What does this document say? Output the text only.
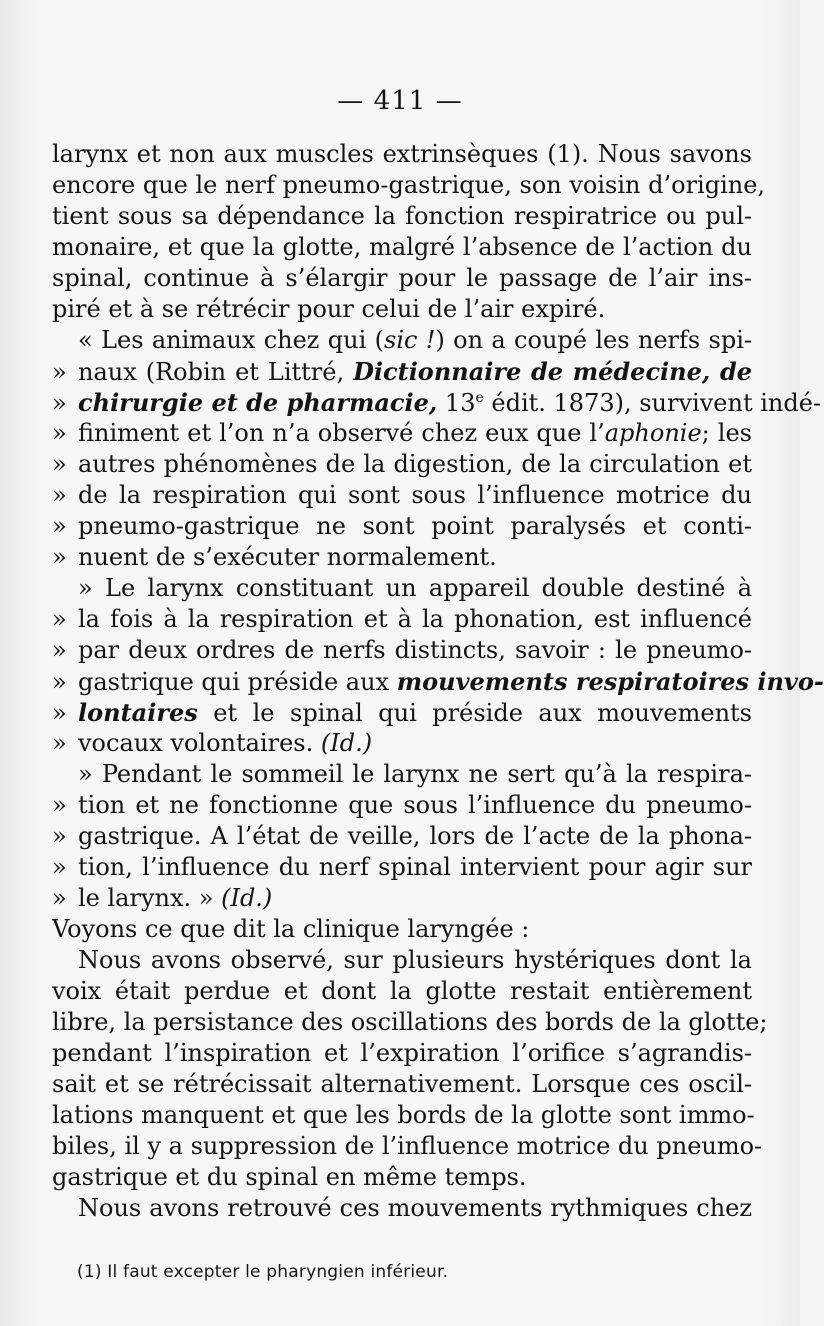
— 411 —
larynx et non aux muscles extrinsèques (1). Nous savons
encore que le nerf pneumo-gastrique, son voisin d’origine,
tient sous sa dépendance la fonction respiratrice ou pul-
monaire, et que la glotte, malgré l’absence de l’action du
spinal, continue à s’élargir pour le passage de l’air ins-
piré et à se rétrécir pour celui de l’air expiré.
« Les animaux chez qui (sic !) on a coupé les nerfs spi-
» naux (Robin et Littré, Dictionnaire de médecine, de
» chirurgie et de pharmacie, 13e édit. 1873), survivent indé-
» finiment et l’on n’a observé chez eux que l’aphonie; les
» autres phénomènes de la digestion, de la circulation et
» de la respiration qui sont sous l’influence motrice du
» pneumo-gastrique ne sont point paralysés et conti-
» nuent de s’exécuter normalement.
» Le larynx constituant un appareil double destiné à
» la fois à la respiration et à la phonation, est influencé
» par deux ordres de nerfs distincts, savoir : le pneumo-
» gastrique qui préside aux mouvements respiratoires invo-
» lontaires et le spinal qui préside aux mouvements
» vocaux volontaires. (Id.)
» Pendant le sommeil le larynx ne sert qu’à la respira-
» tion et ne fonctionne que sous l’influence du pneumo-
» gastrique. A l’état de veille, lors de l’acte de la phona-
» tion, l’influence du nerf spinal intervient pour agir sur
» le larynx. » (Id.)
Voyons ce que dit la clinique laryngée :
Nous avons observé, sur plusieurs hystériques dont la
voix était perdue et dont la glotte restait entièrement
libre, la persistance des oscillations des bords de la glotte;
pendant l’inspiration et l’expiration l’orifice s’agrandis-
sait et se rétrécissait alternativement. Lorsque ces oscil-
lations manquent et que les bords de la glotte sont immo-
biles, il y a suppression de l’influence motrice du pneumo-
gastrique et du spinal en même temps.
Nous avons retrouvé ces mouvements rythmiques chez
(1) Il faut excepter le pharyngien inférieur.
